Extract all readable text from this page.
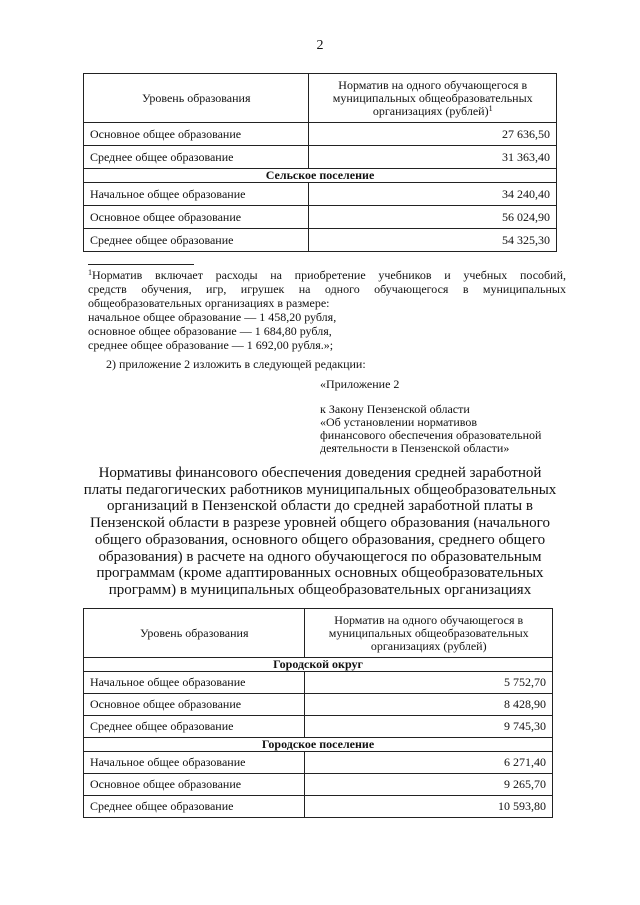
2
Уровень образования	Норматив на одного обучающегося в
муниципальных общеобразовательных
организациях (рублей)$^1$

Основное общее образование	27 636,50
Среднее общее образование	31 363,40
Сельское поселение	
Начальное общее образование	34 240,40
Основное общее образование	56 024,90
Среднее общее образование	54 325,30
$^1$Норматив включает расходы на приобретение учебников и учебных пособий,
средств обучения, игр, игрушек на одного обучающегося в муниципальных
общеобразовательных организациях в размере:
начальное общее образование — 1 458,20 рубля,
основное общее образование — 1 684,80 рубля,
среднее общее образование — 1 692,00 рубля.»;
2) приложение 2 изложить в следующей редакции:
«Приложение 2
к Закону Пензенской области
«Об установлении нормативов
финансового обеспечения образовательной
деятельности в Пензенской области»
Нормативы финансового обеспечения доведения средней заработной
платы педагогических работников муниципальных общеобразовательных
организаций в Пензенской области до средней заработной платы в
Пензенской области в разрезе уровней общего образования (начального
общего образования, основного общего образования, среднего общего
образования) в расчете на одного обучающегося по образовательным
программам (кроме адаптированных основных общеобразовательных
программ) в муниципальных общеобразовательных организациях
Уровень образования	Норматив на одного обучающегося в
муниципальных общеобразовательных
организациях (рублей)

Городской округ	
Начальное общее образование	5 752,70
Основное общее образование	8 428,90
Среднее общее образование	9 745,30
Городское поселение	
Начальное общее образование	6 271,40
Основное общее образование	9 265,70
Среднее общее образование	10 593,80
